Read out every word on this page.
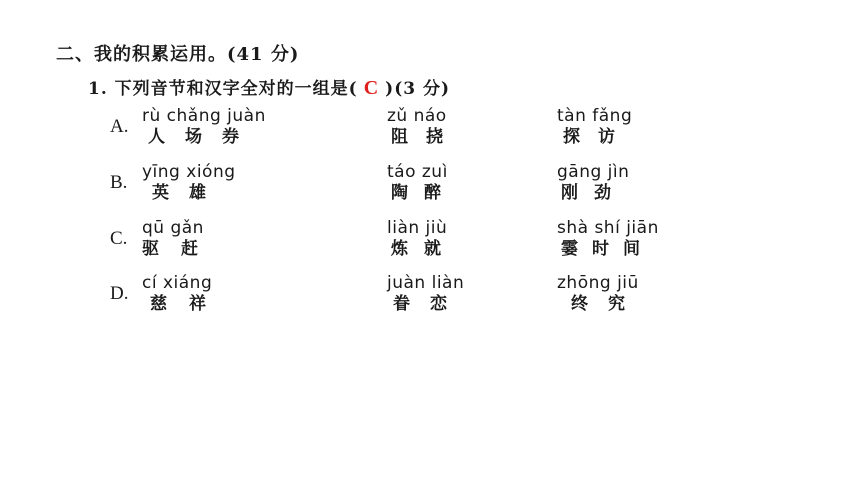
二、我的积累运用。(41 分)
1. 下列音节和汉字全对的一组是( C )(3 分)
A. rù chǎng juàn
人 场 券
zǔ náo
阻 挠
tàn fǎng
探 访
B. yīng xióng
英 雄
táo zuì
陶 醉
gāng jìn
刚 劲
C. qū gǎn
驱 赶
liàn jiù
炼 就
shà shí jiān
霎 时 间
D. cí xiáng
慈 祥
juàn liàn
眷 恋
zhōng jiū
终 究
